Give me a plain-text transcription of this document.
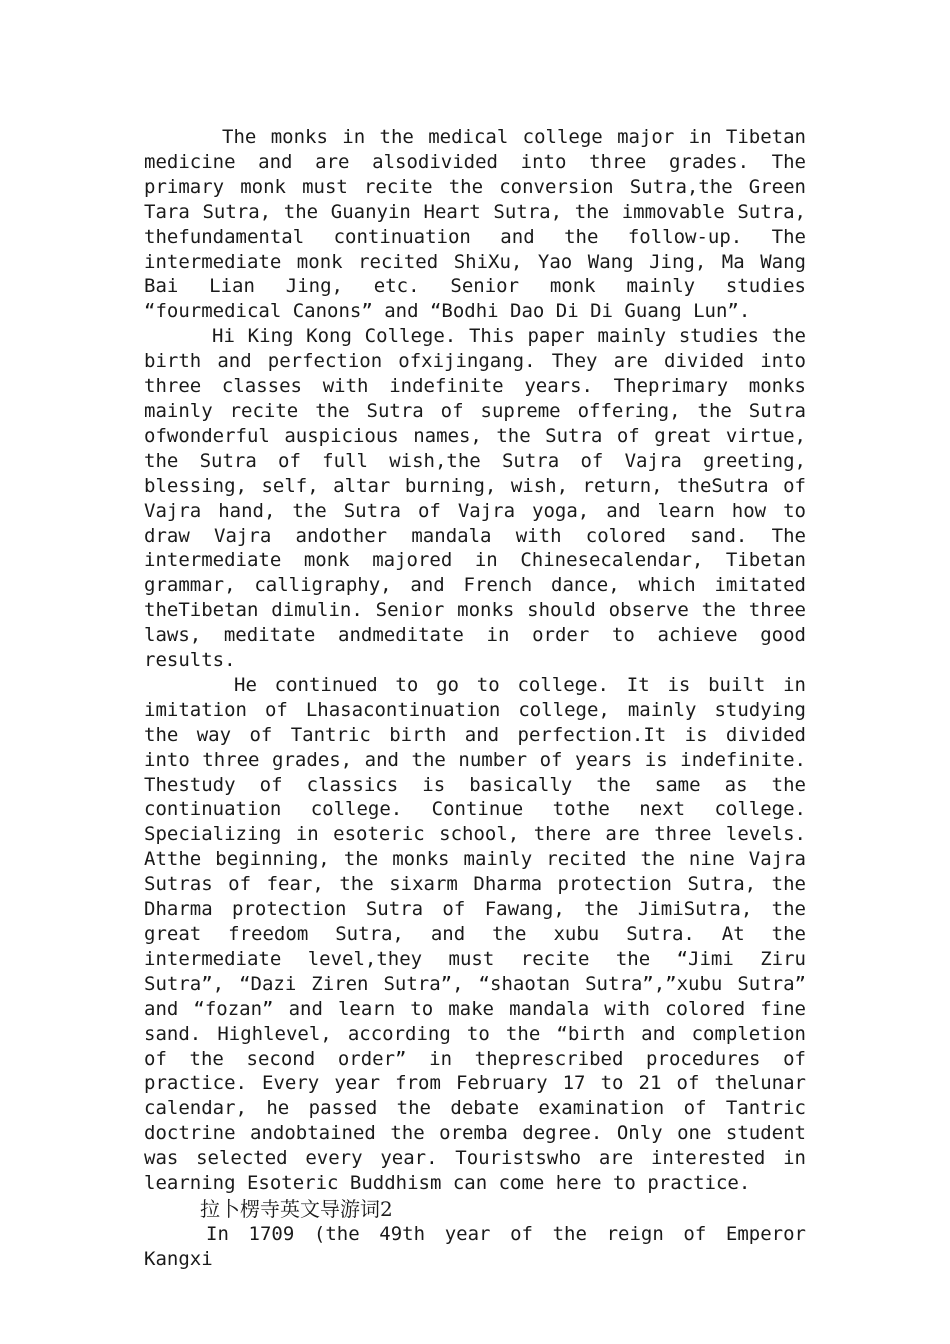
The monks in the medical college major in Tibetan medicine and are alsodivided into three grades. The primary monk must recite the conversion Sutra,the Green Tara Sutra, the Guanyin Heart Sutra, the immovable Sutra, thefundamental continuation and the follow-up. The intermediate monk recited ShiXu, Yao Wang Jing, Ma Wang Bai Lian Jing, etc. Senior monk mainly studies “fourmedical Canons” and “Bodhi Dao Di Di Guang Lun”.

Hi King Kong College. This paper mainly studies the birth and perfection ofxijingang. They are divided into three classes with indefinite years. Theprimary monks mainly recite the Sutra of supreme offering, the Sutra ofwonderful auspicious names, the Sutra of great virtue, the Sutra of full wish,the Sutra of Vajra greeting, blessing, self, altar burning, wish, return, theSutra of Vajra hand, the Sutra of Vajra yoga, and learn how to draw Vajra andother mandala with colored sand. The intermediate monk majored in Chinesecalendar, Tibetan grammar, calligraphy, and French dance, which imitated theTibetan dimulin. Senior monks should observe the three laws, meditate andmeditate in order to achieve good results.

He continued to go to college. It is built in imitation of Lhasacontinuation college, mainly studying the way of Tantric birth and perfection.It is divided into three grades, and the number of years is indefinite. Thestudy of classics is basically the same as the continuation college. Continue tothe next college. Specializing in esoteric school, there are three levels. Atthe beginning, the monks mainly recited the nine Vajra Sutras of fear, the sixarm Dharma protection Sutra, the Dharma protection Sutra of Fawang, the JimiSutra, the great freedom Sutra, and the xubu Sutra. At the intermediate level,they must recite the “Jimi Ziru Sutra”, “Dazi Ziren Sutra”, “shaotan Sutra”,”xubu Sutra” and “fozan” and learn to make mandala with colored fine sand. Highlevel, according to the “birth and completion of the second order” in theprescribed procedures of practice. Every year from February 17 to 21 of thelunar calendar, he passed the debate examination of Tantric doctrine andobtained the oremba degree. Only one student was selected every year. Touristswho are interested in learning Esoteric Buddhism can come here to practice.

拉卜楞寺英文导游词2

In 1709 (the 49th year of the reign of Emperor Kangxi
